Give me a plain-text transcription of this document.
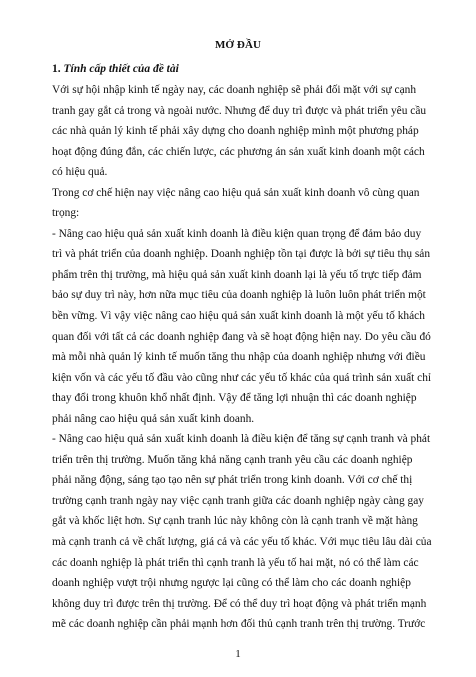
MỞ ĐẦU
1. Tính cấp thiết của đề tài
Với sự hội nhập kinh tế ngày nay, các doanh nghiệp sẽ phải đối mặt với sự cạnh
tranh gay gắt cả trong và ngoài nước. Nhưng để duy trì được và phát triển yêu cầu
các nhà quản lý kinh tế phải xây dựng cho doanh nghiệp mình một phương pháp
hoạt động đúng đắn, các chiến lược, các phương án sản xuất kinh doanh một cách
có hiệu quả.
Trong cơ chế hiện nay việc nâng cao hiệu quả sản xuất kinh doanh vô cùng quan
trọng:
- Nâng cao hiệu quả sản xuất kinh doanh là điều kiện quan trọng để đảm bảo duy
trì và phát triển của doanh nghiệp. Doanh nghiệp tồn tại được là bởi sự tiêu thụ sản
phẩm trên thị trường, mà hiệu quả sản xuất kinh doanh lại là yếu tố trực tiếp đảm
bảo sự duy trì này, hơn nữa mục tiêu của doanh nghiệp là luôn luôn phát triển một
bền vững. Vì vậy việc nâng cao hiệu quả sản xuất kinh doanh là một yếu tố khách
quan đối với tất cả các doanh nghiệp đang và sẽ hoạt động hiện nay. Do yêu cầu đó
mà mỗi nhà quản lý kinh tế muốn tăng thu nhập của doanh nghiệp nhưng với điều
kiện vốn và các yếu tố đầu vào cũng như các yếu tố khác của quá trình sản xuất chỉ
thay đổi trong khuôn khổ nhất định. Vậy để tăng lợi nhuận thì các doanh nghiệp
phải nâng cao hiệu quả sản xuất kinh doanh.
- Nâng cao hiệu quả sản xuất kinh doanh là điều kiện để tăng sự cạnh tranh và phát
triển trên thị trường. Muốn tăng khả năng cạnh tranh yêu cầu các doanh nghiệp
phải năng động, sáng tạo tạo nên sự phát triển trong kinh doanh. Với cơ chế thị
trường cạnh tranh ngày nay việc cạnh tranh giữa các doanh nghiệp ngày càng gay
gắt và khốc liệt hơn. Sự cạnh tranh lúc này không còn là cạnh tranh về mặt hàng
mà cạnh tranh cả về chất lượng, giá cả và các yếu tố khác. Với mục tiêu lâu dài của
các doanh nghiệp là phát triển thì cạnh tranh là yếu tố hai mặt, nó có thể làm các
doanh nghiệp vượt trội nhưng ngược lại cũng có thể làm cho các doanh nghiệp
không duy trì được trên thị trường. Để có thể duy trì hoạt động và phát triển mạnh
mẽ các doanh nghiệp cần phải mạnh hơn đối thủ cạnh tranh trên thị trường. Trước
1
